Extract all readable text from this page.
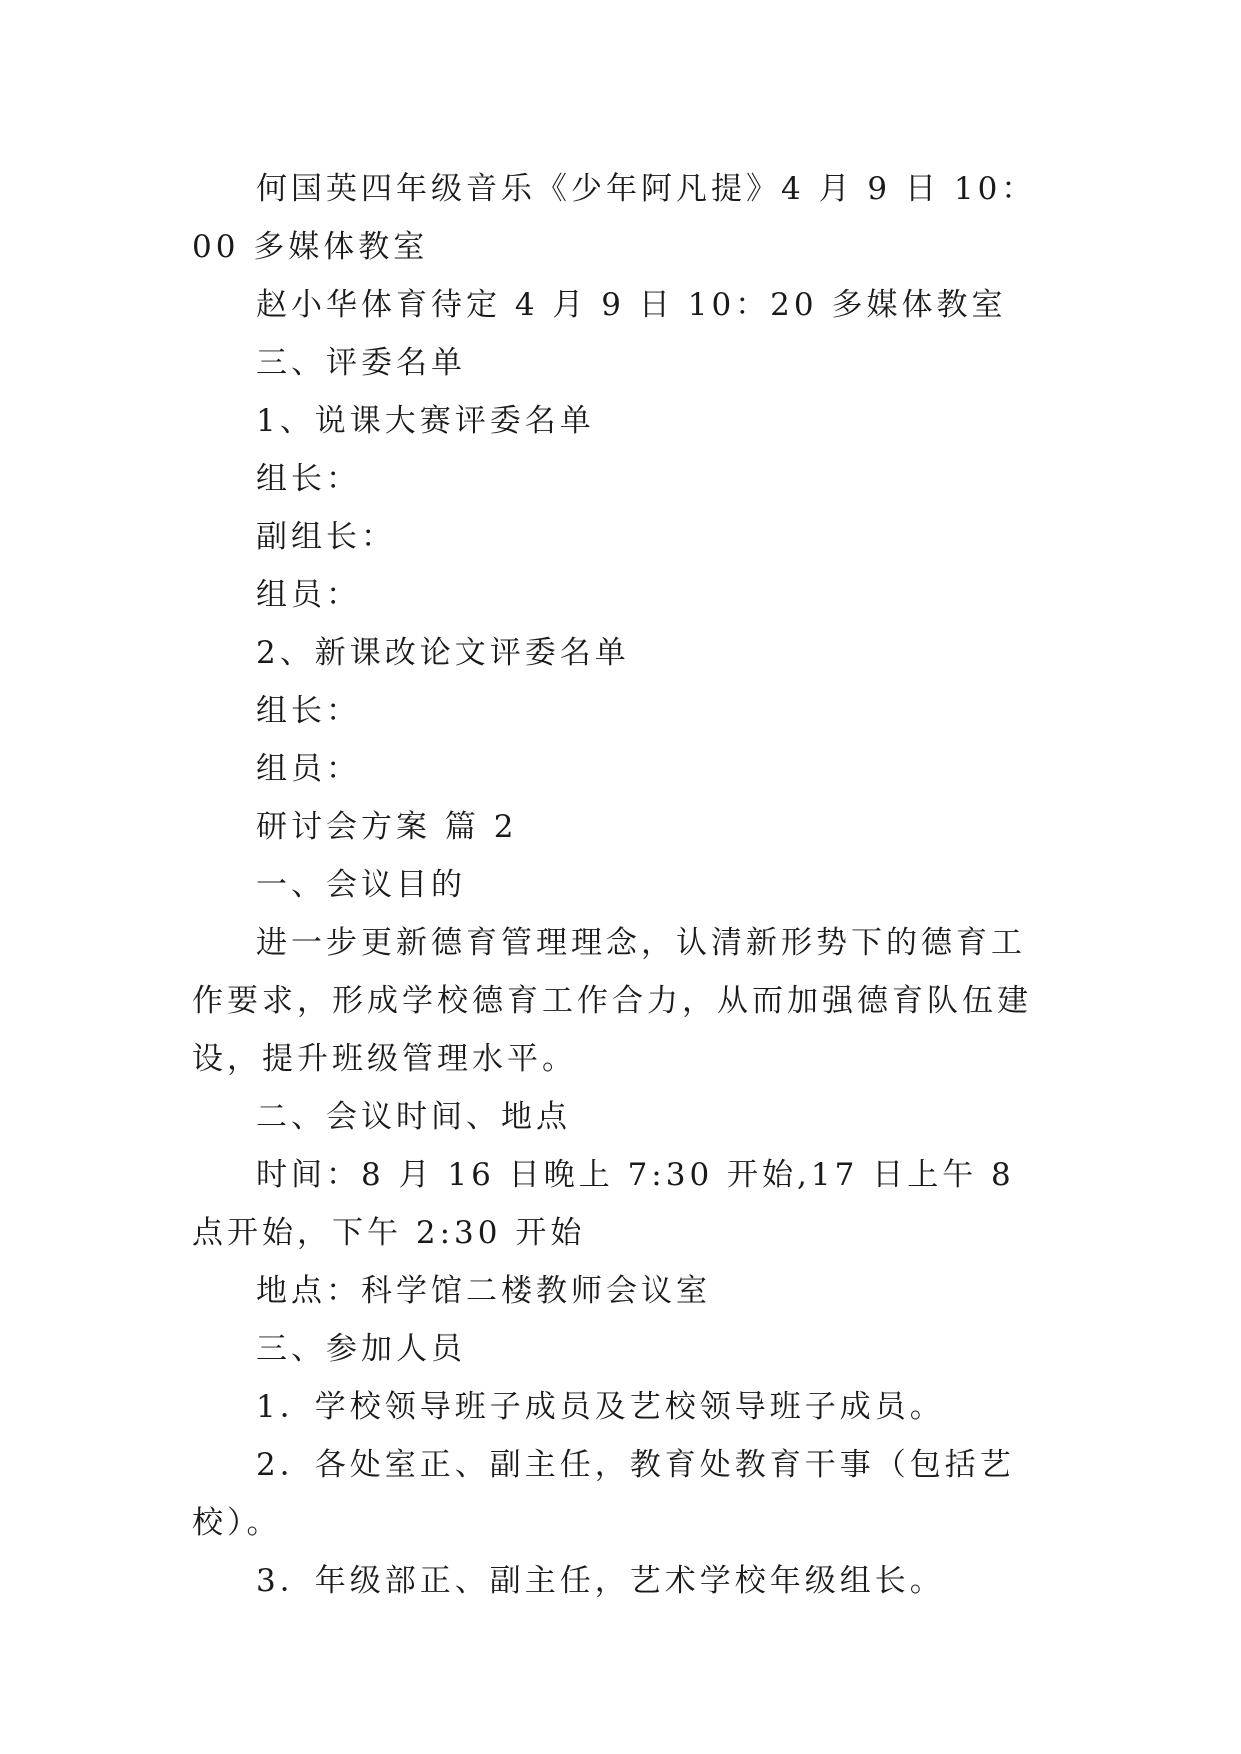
何国英四年级音乐《少年阿凡提》4 月 9 日 10：00 多媒体教室

赵小华体育待定 4 月 9 日 10：20 多媒体教室

三、评委名单

1、说课大赛评委名单

组长：

副组长：

组员：

2、新课改论文评委名单

组长：

组员：

研讨会方案 篇 2

一、会议目的

进一步更新德育管理理念，认清新形势下的德育工作要求，形成学校德育工作合力，从而加强德育队伍建设，提升班级管理水平。

二、会议时间、地点

时间：8 月 16 日晚上 7:30 开始,17 日上午 8 点开始，下午 2:30 开始

地点：科学馆二楼教师会议室

三、参加人员

1．学校领导班子成员及艺校领导班子成员。

2．各处室正、副主任，教育处教育干事（包括艺校）。

3．年级部正、副主任，艺术学校年级组长。
